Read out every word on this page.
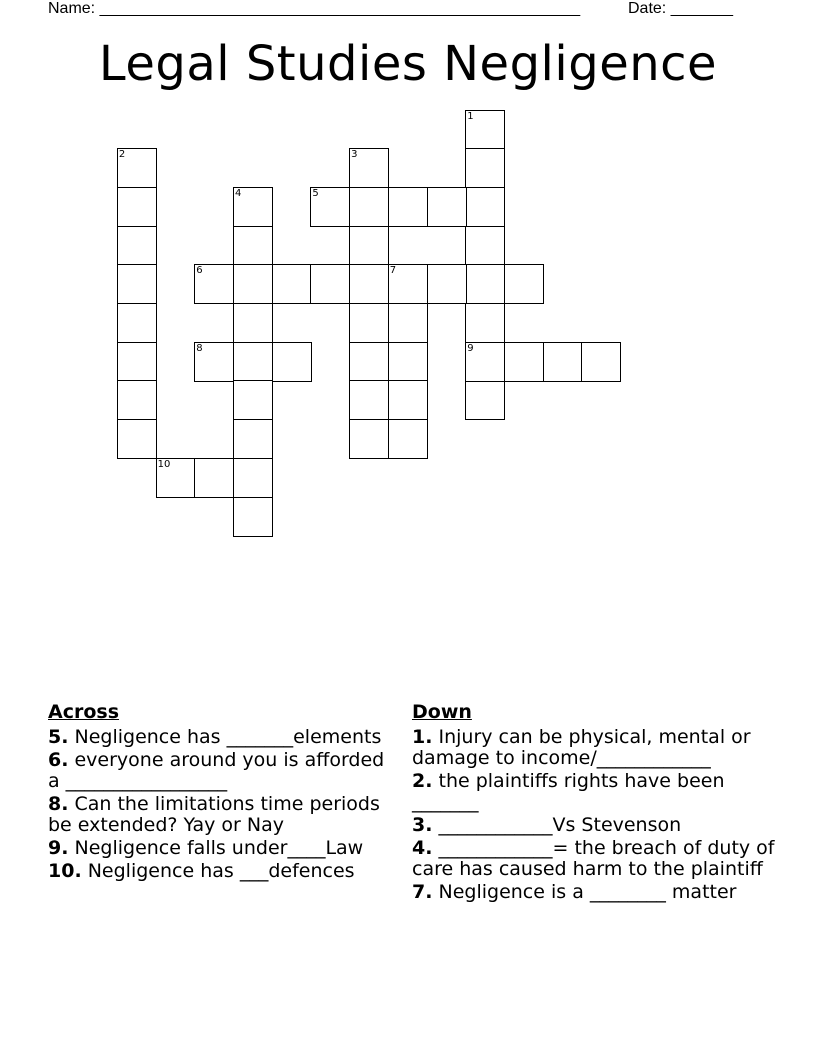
Name: ______________________________________________________	Date: _______
Legal Studies Negligence
1
2	3
4	5
6	7
8	9
10
Across
5. Negligence has _______elements
6. everyone around you is afforded a _________________
8. Can the limitations time periods be extended? Yay or Nay
9. Negligence falls under____Law
10. Negligence has ___defences
Down
1. Injury can be physical, mental or damage to income/____________
2. the plaintiffs rights have been _______
3. ____________Vs Stevenson
4. ____________= the breach of duty of care has caused harm to the plaintiff
7. Negligence is a ________ matter
